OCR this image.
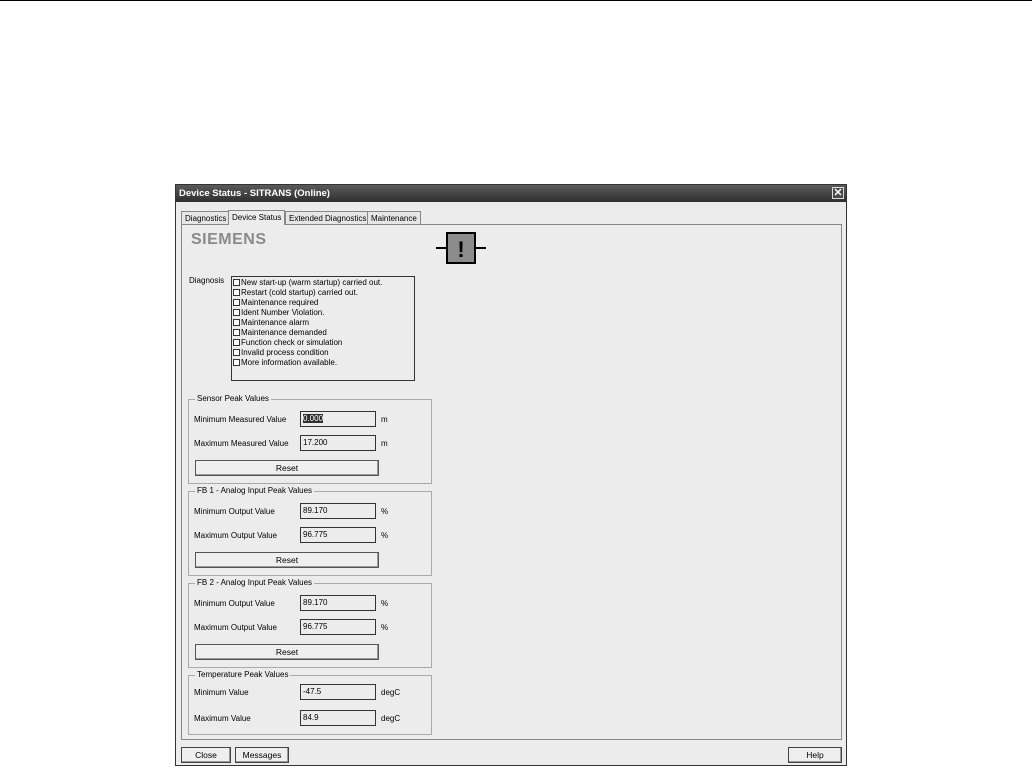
Device Status - SITRANS (Online)	✕
Diagnostics Device Status Extended Diagnostics Maintenance
SIEMENS	!
Diagnosis	New start-up (warm startup) carried out.
Restart (cold startup) carried out.
Maintenance required
Ident Number Violation.
Maintenance alarm
Maintenance demanded
Function check or simulation
Invalid process condition
More information available.
Sensor Peak Values
Minimum Measured Value	0.000	m
Maximum Measured Value	17.200	m
Reset
FB 1 - Analog Input Peak Values
Minimum Output Value	89.170	%
Maximum Output Value	96.775	%
Reset
FB 2 - Analog Input Peak Values
Minimum Output Value	89.170	%
Maximum Output Value	96.775	%
Reset
Temperature Peak Values
Minimum Value	-47.5	degC
Maximum Value	84.9	degC
Close	Messages	Help
